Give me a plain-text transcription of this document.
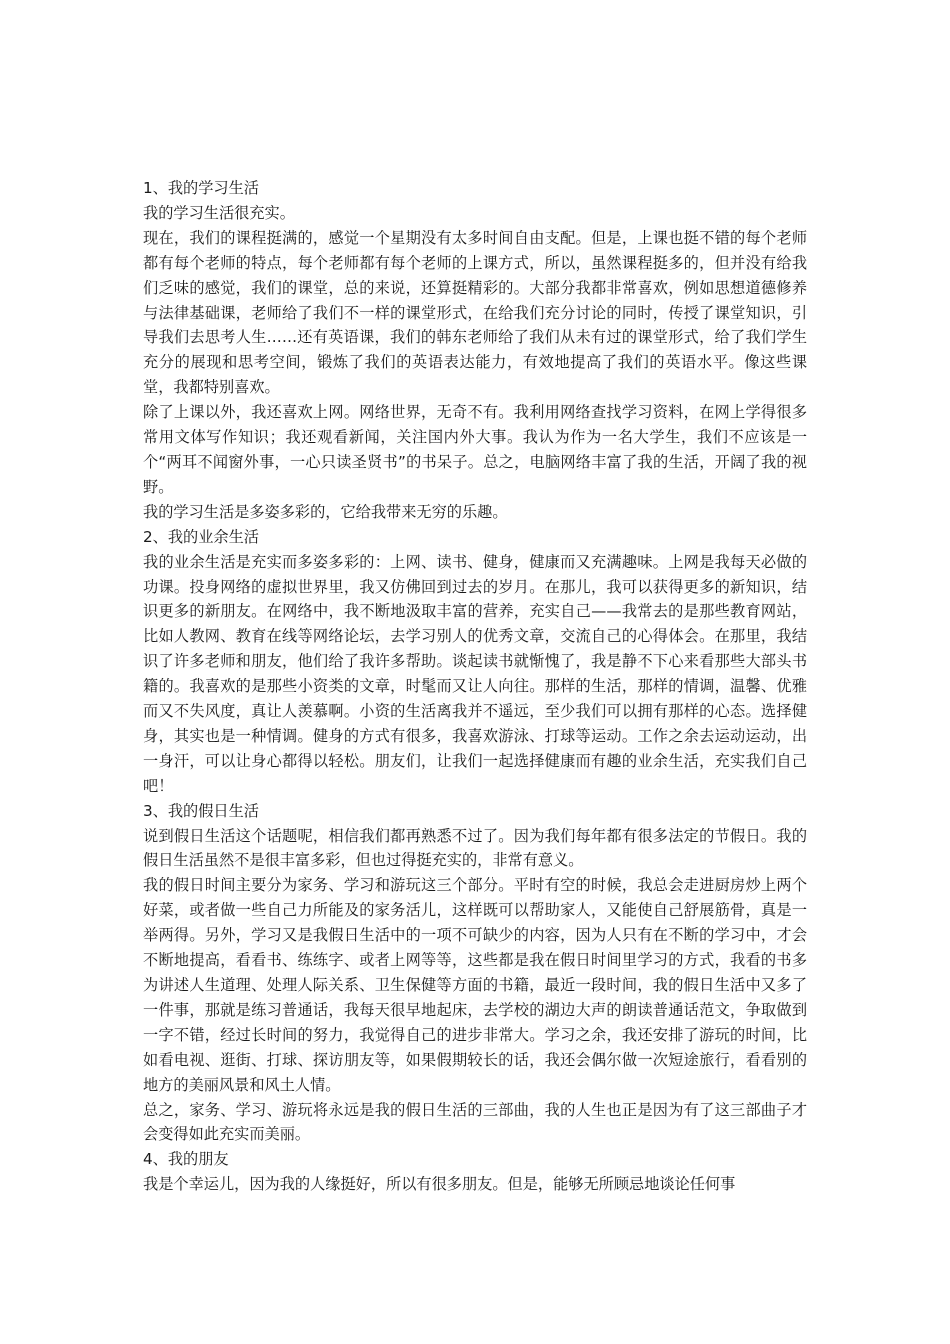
1、我的学习生活

我的学习生活很充实。

现在，我们的课程挺满的，感觉一个星期没有太多时间自由支配。但是，上课也挺不错的每个老师都有每个老师的特点，每个老师都有每个老师的上课方式，所以，虽然课程挺多的，但并没有给我们乏味的感觉，我们的课堂，总的来说，还算挺精彩的。大部分我都非常喜欢，例如思想道德修养与法律基础课，老师给了我们不一样的课堂形式，在给我们充分讨论的同时，传授了课堂知识，引导我们去思考人生……还有英语课，我们的韩东老师给了我们从未有过的课堂形式，给了我们学生充分的展现和思考空间，锻炼了我们的英语表达能力，有效地提高了我们的英语水平。像这些课堂，我都特别喜欢。

除了上课以外，我还喜欢上网。网络世界，无奇不有。我利用网络查找学习资料，在网上学得很多常用文体写作知识；我还观看新闻，关注国内外大事。我认为作为一名大学生，我们不应该是一个“两耳不闻窗外事，一心只读圣贤书”的书呆子。总之，电脑网络丰富了我的生活，开阔了我的视野。

我的学习生活是多姿多彩的，它给我带来无穷的乐趣。

2、我的业余生活

我的业余生活是充实而多姿多彩的：上网、读书、健身，健康而又充满趣味。上网是我每天必做的功课。投身网络的虚拟世界里，我又仿佛回到过去的岁月。在那儿，我可以获得更多的新知识，结识更多的新朋友。在网络中，我不断地汲取丰富的营养，充实自己——我常去的是那些教育网站，比如人教网、教育在线等网络论坛，去学习别人的优秀文章，交流自己的心得体会。在那里，我结识了许多老师和朋友，他们给了我许多帮助。谈起读书就惭愧了，我是静不下心来看那些大部头书籍的。我喜欢的是那些小资类的文章，时髦而又让人向往。那样的生活，那样的情调，温馨、优雅而又不失风度，真让人羡慕啊。小资的生活离我并不遥远，至少我们可以拥有那样的心态。选择健身，其实也是一种情调。健身的方式有很多，我喜欢游泳、打球等运动。工作之余去运动运动，出一身汗，可以让身心都得以轻松。朋友们，让我们一起选择健康而有趣的业余生活，充实我们自己吧！

3、我的假日生活

说到假日生活这个话题呢，相信我们都再熟悉不过了。因为我们每年都有很多法定的节假日。我的假日生活虽然不是很丰富多彩，但也过得挺充实的，非常有意义。

我的假日时间主要分为家务、学习和游玩这三个部分。平时有空的时候，我总会走进厨房炒上两个好菜，或者做一些自己力所能及的家务活儿，这样既可以帮助家人，又能使自己舒展筋骨，真是一举两得。另外，学习又是我假日生活中的一项不可缺少的内容，因为人只有在不断的学习中，才会不断地提高，看看书、练练字、或者上网等等，这些都是我在假日时间里学习的方式，我看的书多为讲述人生道理、处理人际关系、卫生保健等方面的书籍，最近一段时间，我的假日生活中又多了一件事，那就是练习普通话，我每天很早地起床，去学校的湖边大声的朗读普通话范文，争取做到一字不错，经过长时间的努力，我觉得自己的进步非常大。学习之余，我还安排了游玩的时间，比如看电视、逛街、打球、探访朋友等，如果假期较长的话，我还会偶尔做一次短途旅行，看看别的地方的美丽风景和风土人情。

总之，家务、学习、游玩将永远是我的假日生活的三部曲，我的人生也正是因为有了这三部曲子才会变得如此充实而美丽。

4、我的朋友

我是个幸运儿，因为我的人缘挺好，所以有很多朋友。但是，能够无所顾忌地谈论任何事
